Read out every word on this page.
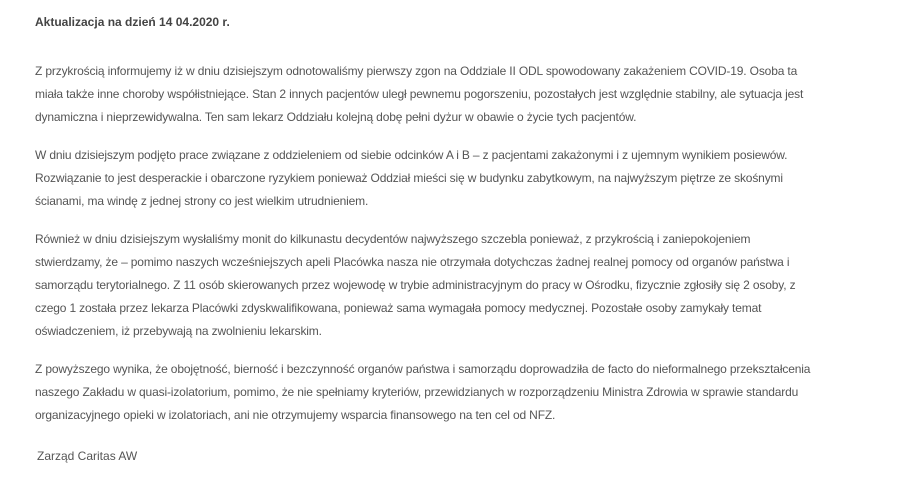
Aktualizacja na dzień 14 04.2020 r.
Z przykrością informujemy iż w dniu dzisiejszym odnotowaliśmy pierwszy zgon na Oddziale II ODL spowodowany zakażeniem COVID-19. Osoba ta
miała także inne choroby współistniejące. Stan 2 innych pacjentów uległ pewnemu pogorszeniu, pozostałych jest względnie stabilny, ale sytuacja jest
dynamiczna i nieprzewidywalna. Ten sam lekarz Oddziału kolejną dobę pełni dyżur w obawie o życie tych pacjentów.
W dniu dzisiejszym podjęto prace związane z oddzieleniem od siebie odcinków A i B – z pacjentami zakażonymi i z ujemnym wynikiem posiewów.
Rozwiązanie to jest desperackie i obarczone ryzykiem ponieważ Oddział mieści się w budynku zabytkowym, na najwyższym piętrze ze skośnymi
ścianami, ma windę z jednej strony co jest wielkim utrudnieniem.
Również w dniu dzisiejszym wysłaliśmy monit do kilkunastu decydentów najwyższego szczebla ponieważ, z przykrością i zaniepokojeniem
stwierdzamy, że – pomimo naszych wcześniejszych apeli Placówka nasza nie otrzymała dotychczas żadnej realnej pomocy od organów państwa i
samorządu terytorialnego. Z 11 osób skierowanych przez wojewodę w trybie administracyjnym do pracy w Ośrodku, fizycznie zgłosiły się 2 osoby, z
czego 1 została przez lekarza Placówki zdyskwalifikowana, ponieważ sama wymagała pomocy medycznej. Pozostałe osoby zamykały temat
oświadczeniem, iż przebywają na zwolnieniu lekarskim.
Z powyższego wynika, że obojętność, bierność i bezczynność organów państwa i samorządu doprowadziła de facto do nieformalnego przekształcenia
naszego Zakładu w quasi-izolatorium, pomimo, że nie spełniamy kryteriów, przewidzianych w rozporządzeniu Ministra Zdrowia w sprawie standardu
organizacyjnego opieki w izolatoriach, ani nie otrzymujemy wsparcia finansowego na ten cel od NFZ.
Zarząd Caritas AW
